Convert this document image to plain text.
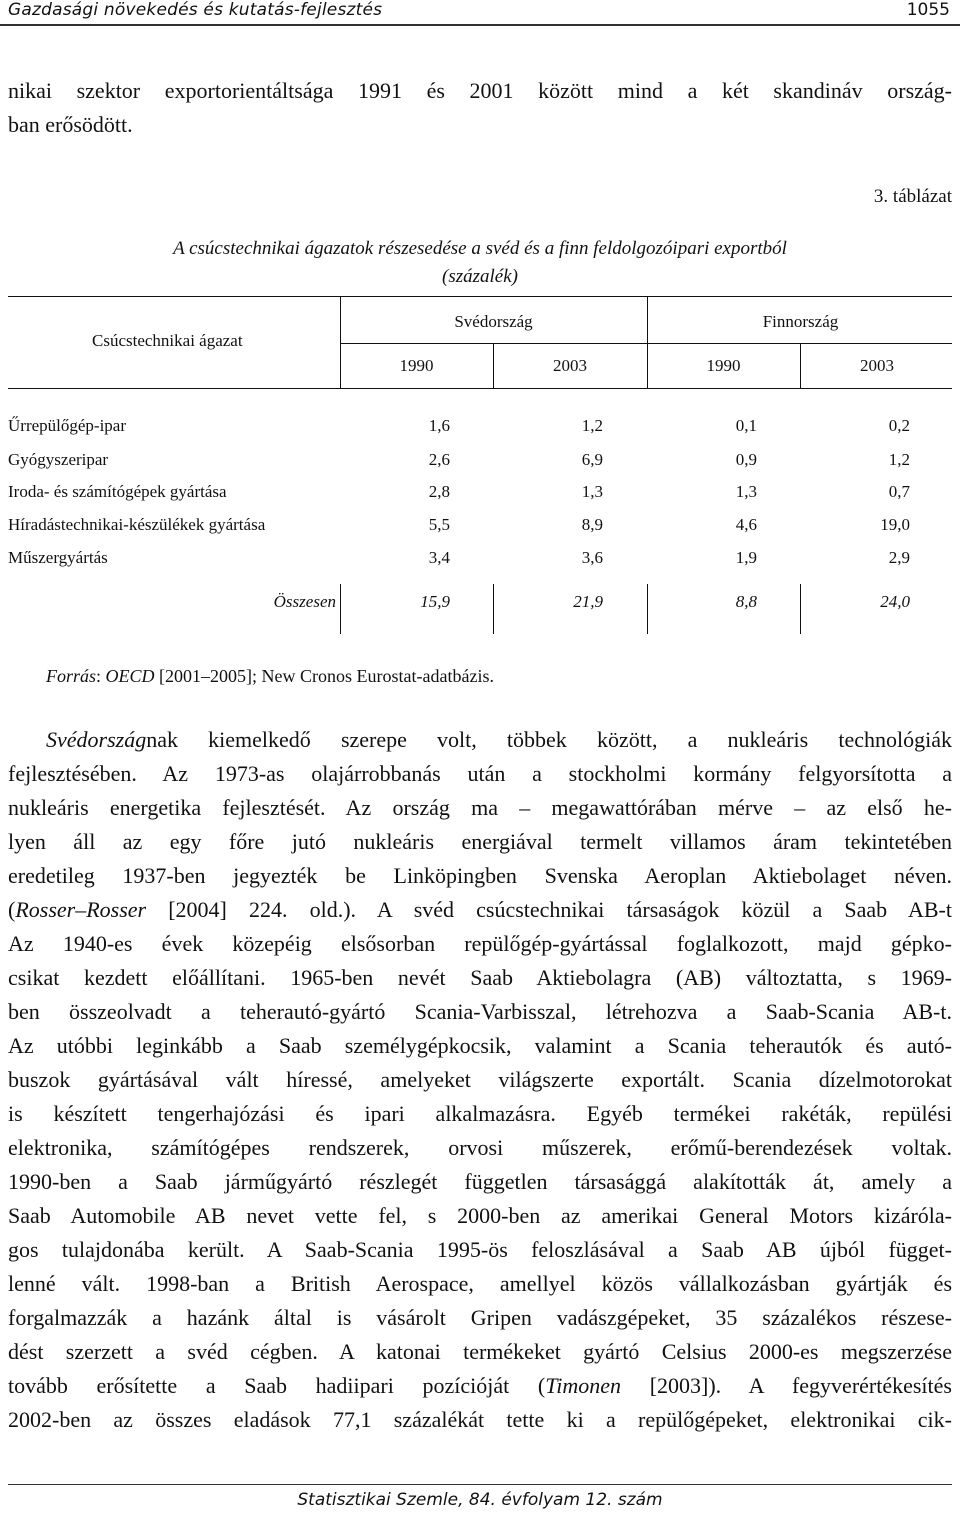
Gazdasági növekedés és kutatás-fejlesztés	1055
nikai szektor exportorientáltsága 1991 és 2001 között mind a két skandináv ország-
ban erősödött.
3. táblázat
A csúcstechnikai ágazatok részesedése a svéd és a finn feldolgozóipari exportból
(százalék)
Csúcstechnikai ágazat
Svédország	Finnország
1990	2003	1990	2003
Űrrepülőgép-ipar	1,6	1,2	0,1	0,2
Gyógyszeripar	2,6	6,9	0,9	1,2
Iroda- és számítógépek gyártása	2,8	1,3	1,3	0,7
Híradástechnikai-készülékek gyártása	5,5	8,9	4,6	19,0
Műszergyártás	3,4	3,6	1,9	2,9
Összesen	15,9	21,9	8,8	24,0
Forrás: OECD [2001–2005]; New Cronos Eurostat-adatbázis.
Svédországnak kiemelkedő szerepe volt, többek között, a nukleáris technológiák
fejlesztésében. Az 1973-as olajárrobbanás után a stockholmi kormány felgyorsította a
nukleáris energetika fejlesztését. Az ország ma – megawattórában mérve – az első he-
lyen áll az egy főre jutó nukleáris energiával termelt villamos áram tekintetében
eredetileg 1937-ben jegyezték be Linköpingben Svenska Aeroplan Aktiebolaget néven.
(Rosser–Rosser [2004] 224. old.). A svéd csúcstechnikai társaságok közül a Saab AB-t
Az 1940-es évek közepéig elsősorban repülőgép-gyártással foglalkozott, majd gépko-
csikat kezdett előállítani. 1965-ben nevét Saab Aktiebolagra (AB) változtatta, s 1969-
ben összeolvadt a teherautó-gyártó Scania-Varbisszal, létrehozva a Saab-Scania AB-t.
Az utóbbi leginkább a Saab személygépkocsik, valamint a Scania teherautók és autó-
buszok gyártásával vált híressé, amelyeket világszerte exportált. Scania dízelmotorokat
is készített tengerhajózási és ipari alkalmazásra. Egyéb termékei rakéták, repülési
elektronika, számítógépes rendszerek, orvosi műszerek, erőmű-berendezések voltak.
1990-ben a Saab járműgyártó részlegét független társasággá alakították át, amely a
Saab Automobile AB nevet vette fel, s 2000-ben az amerikai General Motors kizáróla-
gos tulajdonába került. A Saab-Scania 1995-ös feloszlásával a Saab AB újból függet-
lenné vált. 1998-ban a British Aerospace, amellyel közös vállalkozásban gyártják és
forgalmazzák a hazánk által is vásárolt Gripen vadászgépeket, 35 százalékos részese-
dést szerzett a svéd cégben. A katonai termékeket gyártó Celsius 2000-es megszerzése
tovább erősítette a Saab hadiipari pozícióját (Timonen [2003]). A fegyverértékesítés
2002-ben az összes eladások 77,1 százalékát tette ki a repülőgépeket, elektronikai cik-
Statisztikai Szemle, 84. évfolyam 12. szám
